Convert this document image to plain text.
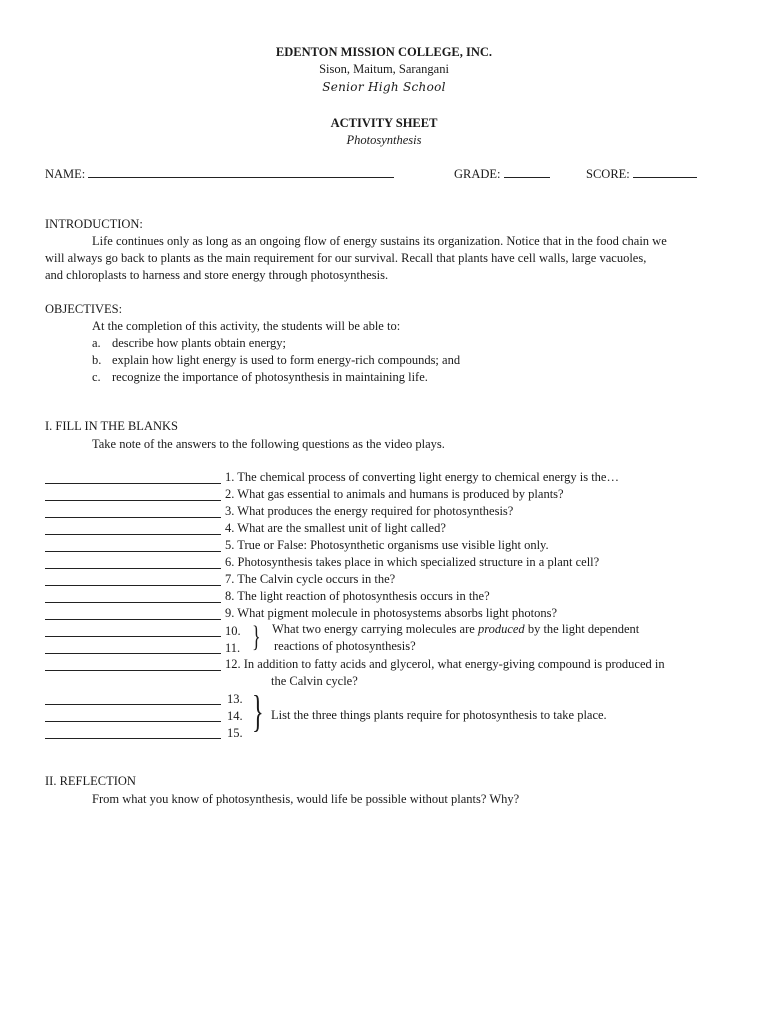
EDENTON MISSION COLLEGE, INC.
Sison, Maitum, Sarangani
Senior High School
ACTIVITY SHEET
Photosynthesis
NAME:	GRADE:	SCORE:
INTRODUCTION:
Life continues only as long as an ongoing flow of energy sustains its organization. Notice that in the food chain we
will always go back to plants as the main requirement for our survival. Recall that plants have cell walls, large vacuoles,
and chloroplasts to harness and store energy through photosynthesis.
OBJECTIVES:
At the completion of this activity, the students will be able to:
a. describe how plants obtain energy;
b. explain how light energy is used to form energy-rich compounds; and
c. recognize the importance of photosynthesis in maintaining life.
I. FILL IN THE BLANKS
Take note of the answers to the following questions as the video plays.
1. The chemical process of converting light energy to chemical energy is the…
2. What gas essential to animals and humans is produced by plants?
3. What produces the energy required for photosynthesis?
4. What are the smallest unit of light called?
5. True or False: Photosynthetic organisms use visible light only.
6. Photosynthesis takes place in which specialized structure in a plant cell?
7. The Calvin cycle occurs in the?
8. The light reaction of photosynthesis occurs in the?
9. What pigment molecule in photosystems absorbs light photons?
10.
11. } What two energy carrying molecules are produced by the light dependent
reactions of photosynthesis?
12. In addition to fatty acids and glycerol, what energy-giving compound is produced in
the Calvin cycle?
13.
14.
15. } List the three things plants require for photosynthesis to take place.
II. REFLECTION
From what you know of photosynthesis, would life be possible without plants? Why?
